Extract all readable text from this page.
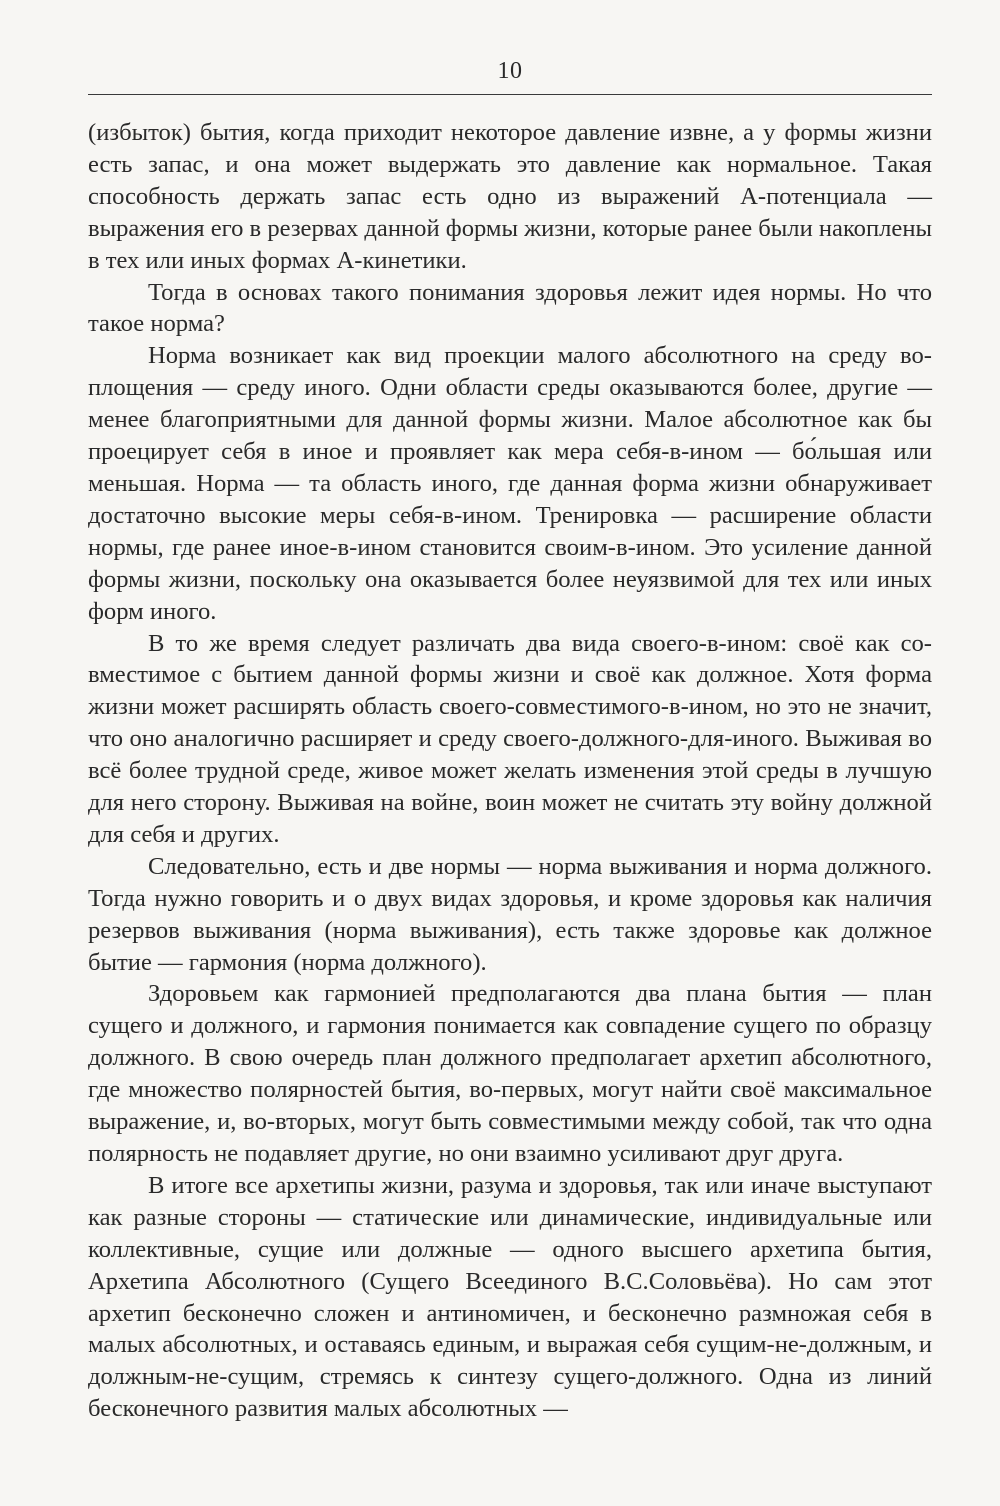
10

(избыток) бытия, когда приходит некоторое давление извне, а у формы жизни есть запас, и она может выдержать это давление как нормальное. Такая способность держать запас есть одно из выражений А-потенциала — выражения его в резервах данной формы жизни, которые ранее были накоплены в тех или иных формах А-кинетики.

Тогда в основах такого понимания здоровья лежит идея нормы. Но что такое норма?

Норма возникает как вид проекции малого абсолютного на среду воплощения — среду иного. Одни области среды оказываются более, другие — менее благоприятными для данной формы жизни. Малое абсолютное как бы проецирует себя в иное и проявляет как мера себя-в-ином — бо́льшая или меньшая. Норма — та область иного, где данная форма жизни обнаруживает достаточно высокие меры себя-в-ином. Тренировка — расширение области нормы, где ранее иное-в-ином становится своим-в-ином. Это усиление данной формы жизни, поскольку она оказывается более неуязвимой для тех или иных форм иного.

В то же время следует различать два вида своего-в-ином: своё как совместимое с бытием данной формы жизни и своё как должное. Хотя форма жизни может расширять область своего-совместимого-в-ином, но это не значит, что оно аналогично расширяет и среду своего-должного-для-иного. Выживая во всё более трудной среде, живое может желать изменения этой среды в лучшую для него сторону. Выживая на войне, воин может не считать эту войну должной для себя и других.

Следовательно, есть и две нормы — норма выживания и норма должного. Тогда нужно говорить и о двух видах здоровья, и кроме здоровья как наличия резервов выживания (норма выживания), есть также здоровье как должное бытие — гармония (норма должного).

Здоровьем как гармонией предполагаются два плана бытия — план сущего и должного, и гармония понимается как совпадение сущего по образцу должного. В свою очередь план должного предполагает архетип абсолютного, где множество полярностей бытия, во-первых, могут найти своё максимальное выражение, и, во-вторых, могут быть совместимыми между собой, так что одна полярность не подавляет другие, но они взаимно усиливают друг друга.

В итоге все архетипы жизни, разума и здоровья, так или иначе выступают как разные стороны — статические или динамические, индивидуальные или коллективные, сущие или должные — одного высшего архетипа бытия, Архетипа Абсолютного (Сущего Всеединого В.С.Соловьёва). Но сам этот архетип бесконечно сложен и антиномичен, и бесконечно размножая себя в малых абсолютных, и оставаясь единым, и выражая себя сущим-не-должным, и должным-не-сущим, стремясь к синтезу сущего-должного. Одна из линий бесконечного развития малых абсолютных —
